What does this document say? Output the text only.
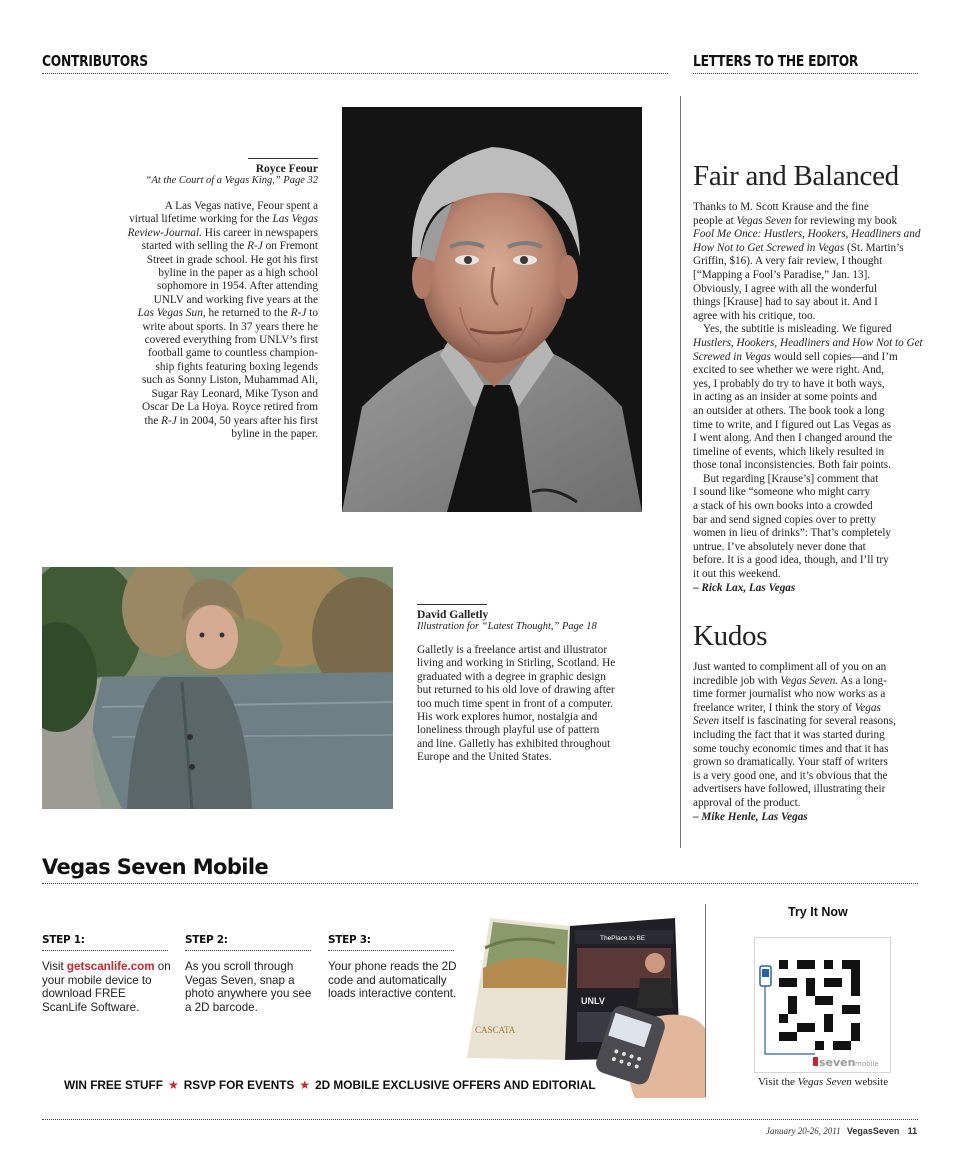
CONTRIBUTORS	LETTERS TO THE EDITOR
Royce Feour
“At the Court of a Vegas King,” Page 32
A Las Vegas native, Feour spent a
virtual lifetime working for the Las Vegas
Review-Journal. His career in newspapers
started with selling the R-J on Fremont
Street in grade school. He got his first
byline in the paper as a high school
sophomore in 1954. After attending
UNLV and working five years at the
Las Vegas Sun, he returned to the R-J to
write about sports. In 37 years there he
covered everything from UNLV’s first
football game to countless champion-
ship fights featuring boxing legends
such as Sonny Liston, Muhammad Ali,
Sugar Ray Leonard, Mike Tyson and
Oscar De La Hoya. Royce retired from
the R-J in 2004, 50 years after his first
byline in the paper.
David Galletly
Illustration for “Latest Thought,” Page 18
Galletly is a freelance artist and illustrator
living and working in Stirling, Scotland. He
graduated with a degree in graphic design
but returned to his old love of drawing after
too much time spent in front of a computer.
His work explores humor, nostalgia and
loneliness through playful use of pattern
and line. Galletly has exhibited throughout
Europe and the United States.
Fair and Balanced
Thanks to M. Scott Krause and the fine
people at Vegas Seven for reviewing my book
Fool Me Once: Hustlers, Hookers, Headliners and
How Not to Get Screwed in Vegas (St. Martin’s
Griffin, $16). A very fair review, I thought
[“Mapping a Fool’s Paradise,” Jan. 13].
Obviously, I agree with all the wonderful
things [Krause] had to say about it. And I
agree with his critique, too.
Yes, the subtitle is misleading. We figured
Hustlers, Hookers, Headliners and How Not to Get
Screwed in Vegas would sell copies—and I’m
excited to see whether we were right. And,
yes, I probably do try to have it both ways,
in acting as an insider at some points and
an outsider at others. The book took a long
time to write, and I figured out Las Vegas as
I went along. And then I changed around the
timeline of events, which likely resulted in
those tonal inconsistencies. Both fair points.
But regarding [Krause’s] comment that
I sound like “someone who might carry
a stack of his own books into a crowded
bar and send signed copies over to pretty
women in lieu of drinks”: That’s completely
untrue. I’ve absolutely never done that
before. It is a good idea, though, and I’ll try
it out this weekend.
– Rick Lax, Las Vegas
Kudos
Just wanted to compliment all of you on an
incredible job with Vegas Seven. As a long-
time former journalist who now works as a
freelance writer, I think the story of Vegas
Seven itself is fascinating for several reasons,
including the fact that it was started during
some touchy economic times and that it has
grown so dramatically. Your staff of writers
is a very good one, and it’s obvious that the
advertisers have followed, illustrating their
approval of the product.
– Mike Henle, Las Vegas
Vegas Seven Mobile
STEP 1:
Visit getscanlife.com on your mobile device to download FREE ScanLife Software.
STEP 2:
As you scroll through Vegas Seven, snap a photo anywhere you see a 2D barcode.
STEP 3:
Your phone reads the 2D code and automatically loads interactive content.
CASCATA
ThePlace to BE
UNLV
WIN FREE STUFF ★ RSVP FOR EVENTS ★ 2D MOBILE EXCLUSIVE OFFERS AND EDITORIAL
Try It Now
seven mobile
Visit the Vegas Seven website
January 20-26, 2011 VegasSeven 11
